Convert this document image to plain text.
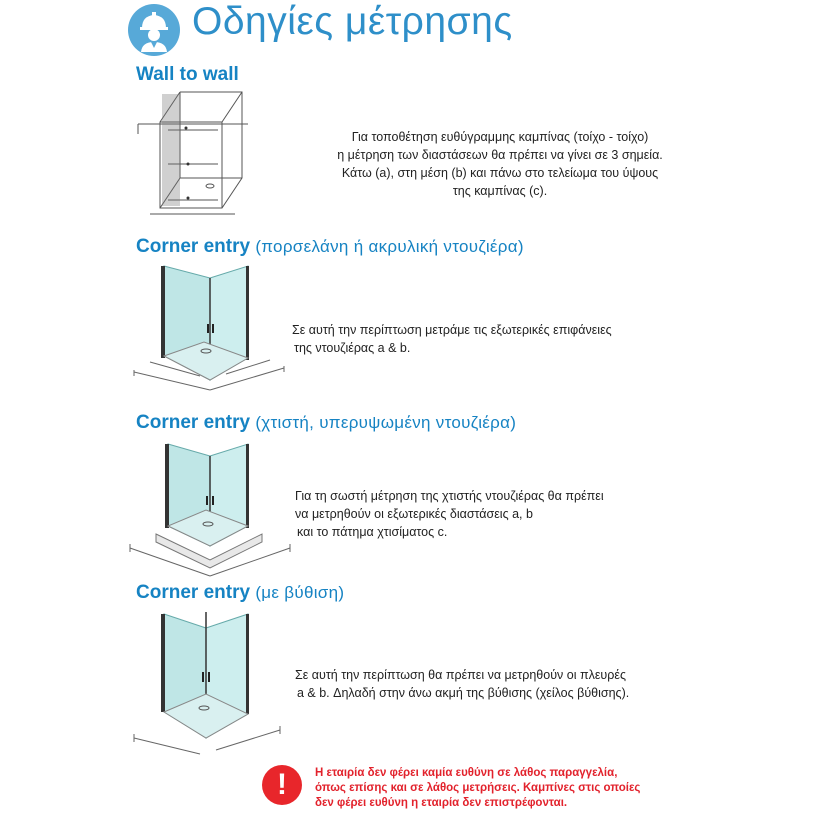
Οδηγίες μέτρησης
Wall to wall
Για τοποθέτηση ευθύγραμμης καμπίνας (τοίχο - τοίχο)
η μέτρηση των διαστάσεων θα πρέπει να γίνει σε 3 σημεία.
Κάτω (a), στη μέση (b) και πάνω στο τελείωμα του ύψους
της καμπίνας (c).
Corner entry (πορσελάνη ή ακρυλική ντουζιέρα)
Σε αυτή την περίπτωση μετράμε τις εξωτερικές επιφάνειες
της ντουζιέρας a & b.
Corner entry (χτιστή, υπερυψωμένη ντουζιέρα)
Για τη σωστή μέτρηση της χτιστής ντουζιέρας θα πρέπει
να μετρηθούν οι εξωτερικές διαστάσεις a, b
και το πάτημα χτισίματος c.
Corner entry (με βύθιση)
Σε αυτή την περίπτωση θα πρέπει να μετρηθούν οι πλευρές
a & b. Δηλαδή στην άνω ακμή της βύθισης (χείλος βύθισης).
!	Η εταιρία δεν φέρει καμία ευθύνη σε λάθος παραγγελία,
όπως επίσης και σε λάθος μετρήσεις. Καμπίνες στις οποίες
δεν φέρει ευθύνη η εταιρία δεν επιστρέφονται.
